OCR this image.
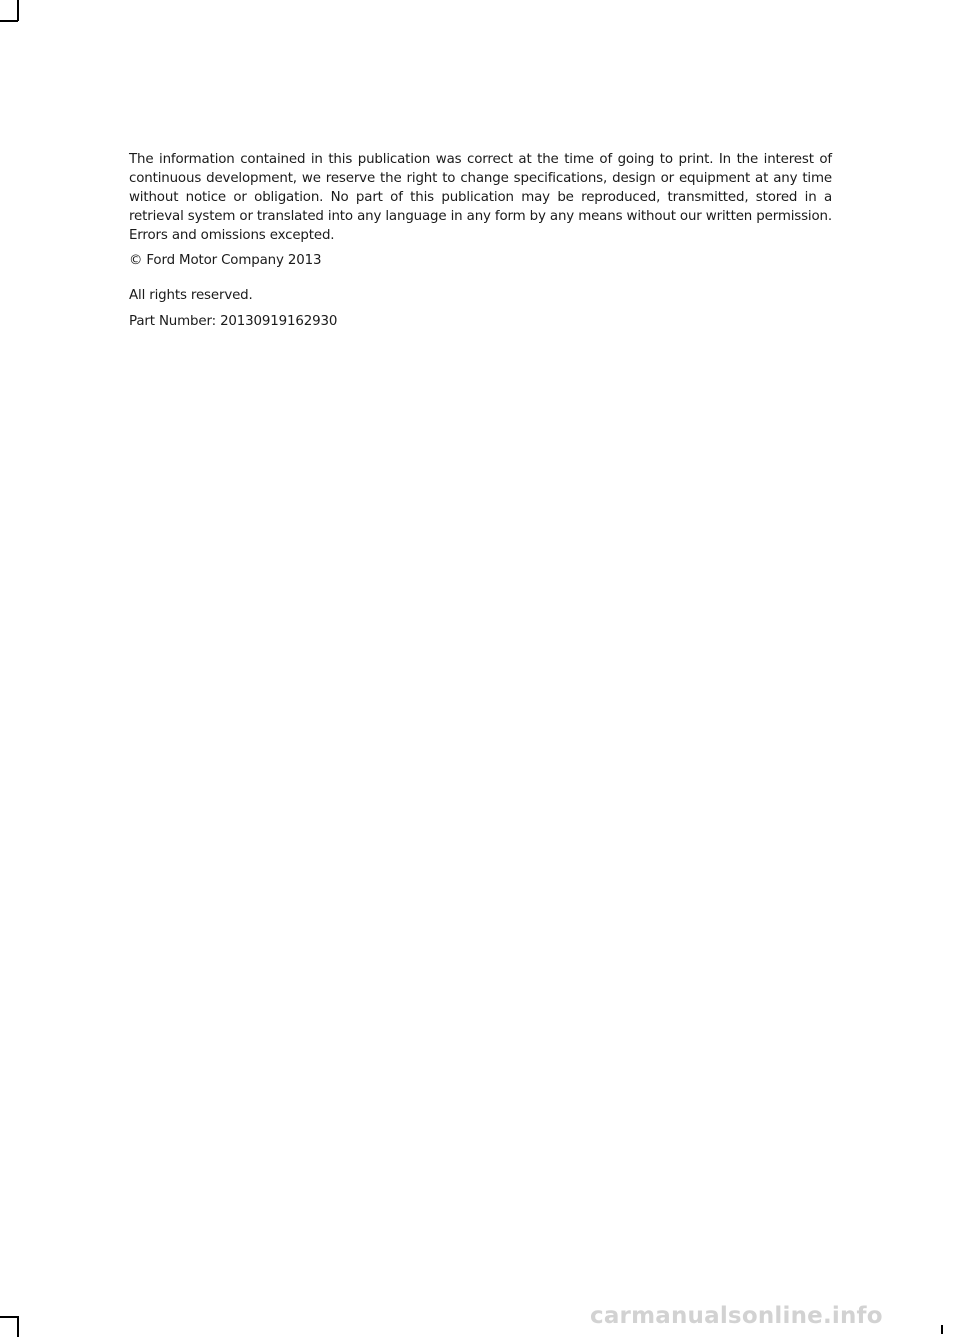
The information contained in this publication was correct at the time of going to print. In the interest of continuous development, we reserve the right to change specifications, design or equipment at any time without notice or obligation. No part of this publication may be reproduced, transmitted, stored in a retrieval system or translated into any language in any form by any means without our written permission. Errors and omissions excepted.

© Ford Motor Company 2013

All rights reserved.

Part Number: 20130919162930

carmanualsonline.info
